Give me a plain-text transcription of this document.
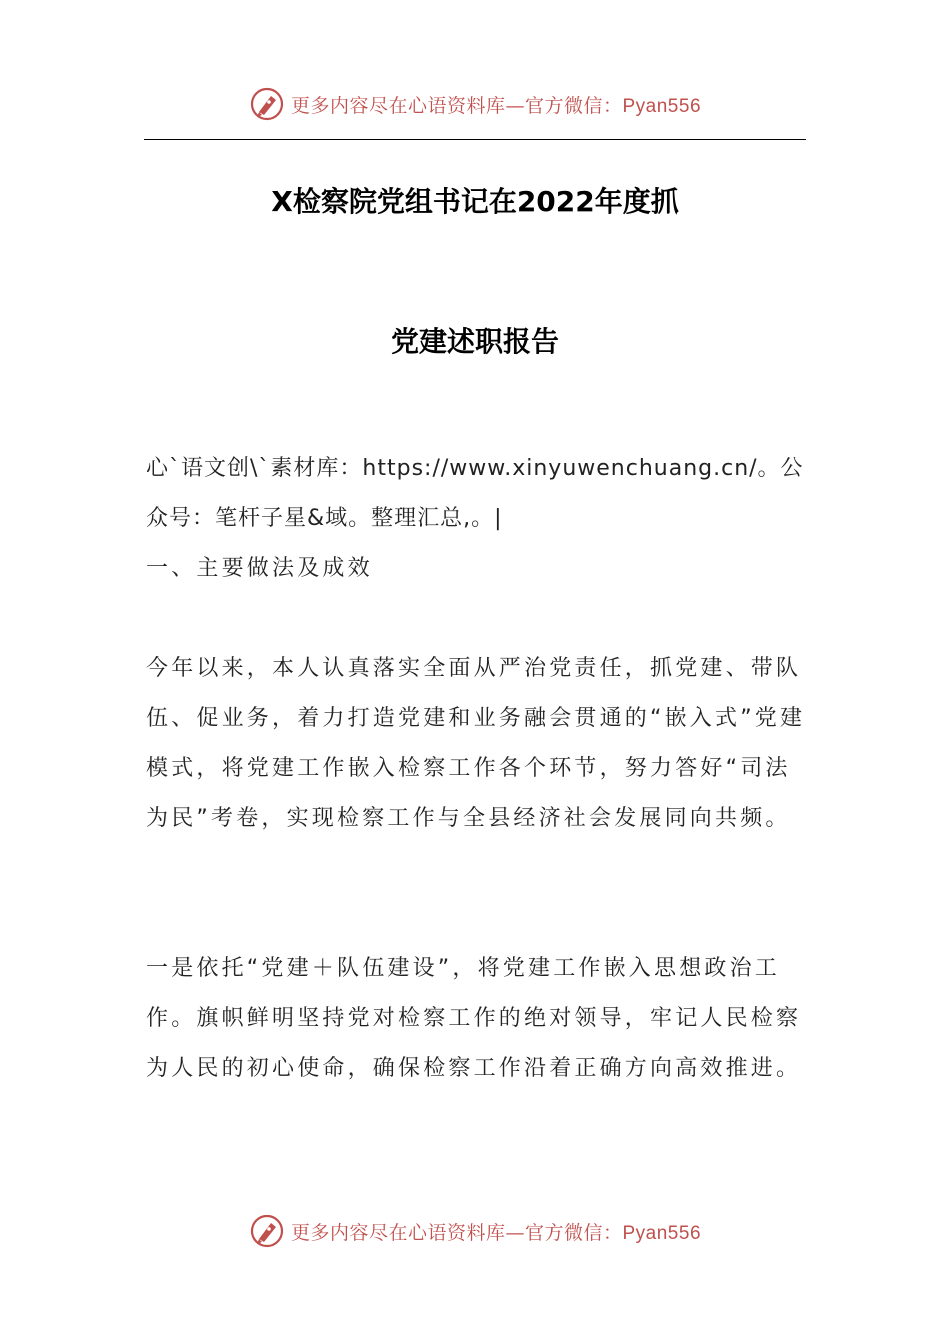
更多内容尽在心语资料库—官方微信：Pyan556
X检察院党组书记在2022年度抓
党建述职报告

心`语文创\`素材库：https://www.xinyuwenchuang.cn/。公众号：笔杆子星&域。整理汇总,。|

一、主要做法及成效

今年以来，本人认真落实全面从严治党责任，抓党建、带队伍、促业务，着力打造党建和业务融会贯通的“嵌入式”党建模式，将党建工作嵌入检察工作各个环节，努力答好“司法为民”考卷，实现检察工作与全县经济社会发展同向共频。

一是依托“党建＋队伍建设”，将党建工作嵌入思想政治工作。旗帜鲜明坚持党对检察工作的绝对领导，牢记人民检察为人民的初心使命，确保检察工作沿着正确方向高效推进。

更多内容尽在心语资料库—官方微信：Pyan556
